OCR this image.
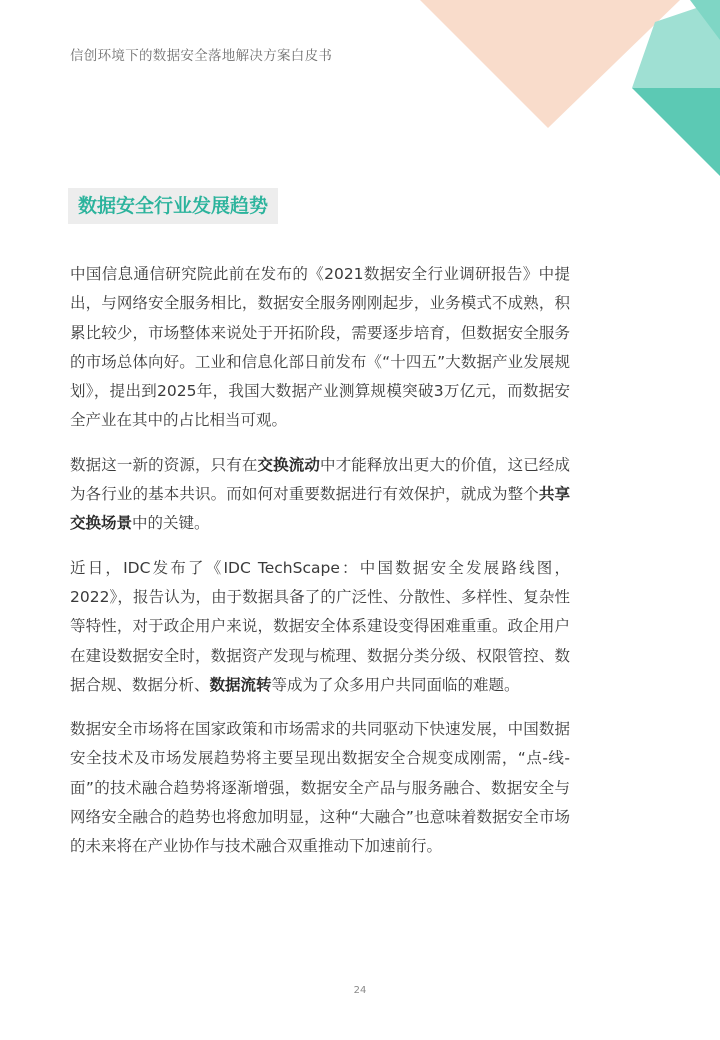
信创环境下的数据安全落地解决方案白皮书
数据安全行业发展趋势

中国信息通信研究院此前在发布的《2021数据安全行业调研报告》中提出，与网络安全服务相比，数据安全服务刚刚起步，业务模式不成熟，积累比较少，市场整体来说处于开拓阶段，需要逐步培育，但数据安全服务的市场总体向好。工业和信息化部日前发布《“十四五”大数据产业发展规划》，提出到2025年，我国大数据产业测算规模突破3万亿元，而数据安全产业在其中的占比相当可观。

数据这一新的资源，只有在交换流动中才能释放出更大的价值，这已经成为各行业的基本共识。而如何对重要数据进行有效保护，就成为整个共享交换场景中的关键。

近日，IDC发布了《IDC TechScape：中国数据安全发展路线图，2022》，报告认为，由于数据具备了的广泛性、分散性、多样性、复杂性等特性，对于政企用户来说，数据安全体系建设变得困难重重。政企用户在建设数据安全时，数据资产发现与梳理、数据分类分级、权限管控、数据合规、数据分析、数据流转等成为了众多用户共同面临的难题。

数据安全市场将在国家政策和市场需求的共同驱动下快速发展，中国数据安全技术及市场发展趋势将主要呈现出数据安全合规变成刚需，“点-线-面”的技术融合趋势将逐渐增强，数据安全产品与服务融合、数据安全与网络安全融合的趋势也将愈加明显，这种“大融合”也意味着数据安全市场的未来将在产业协作与技术融合双重推动下加速前行。

24
